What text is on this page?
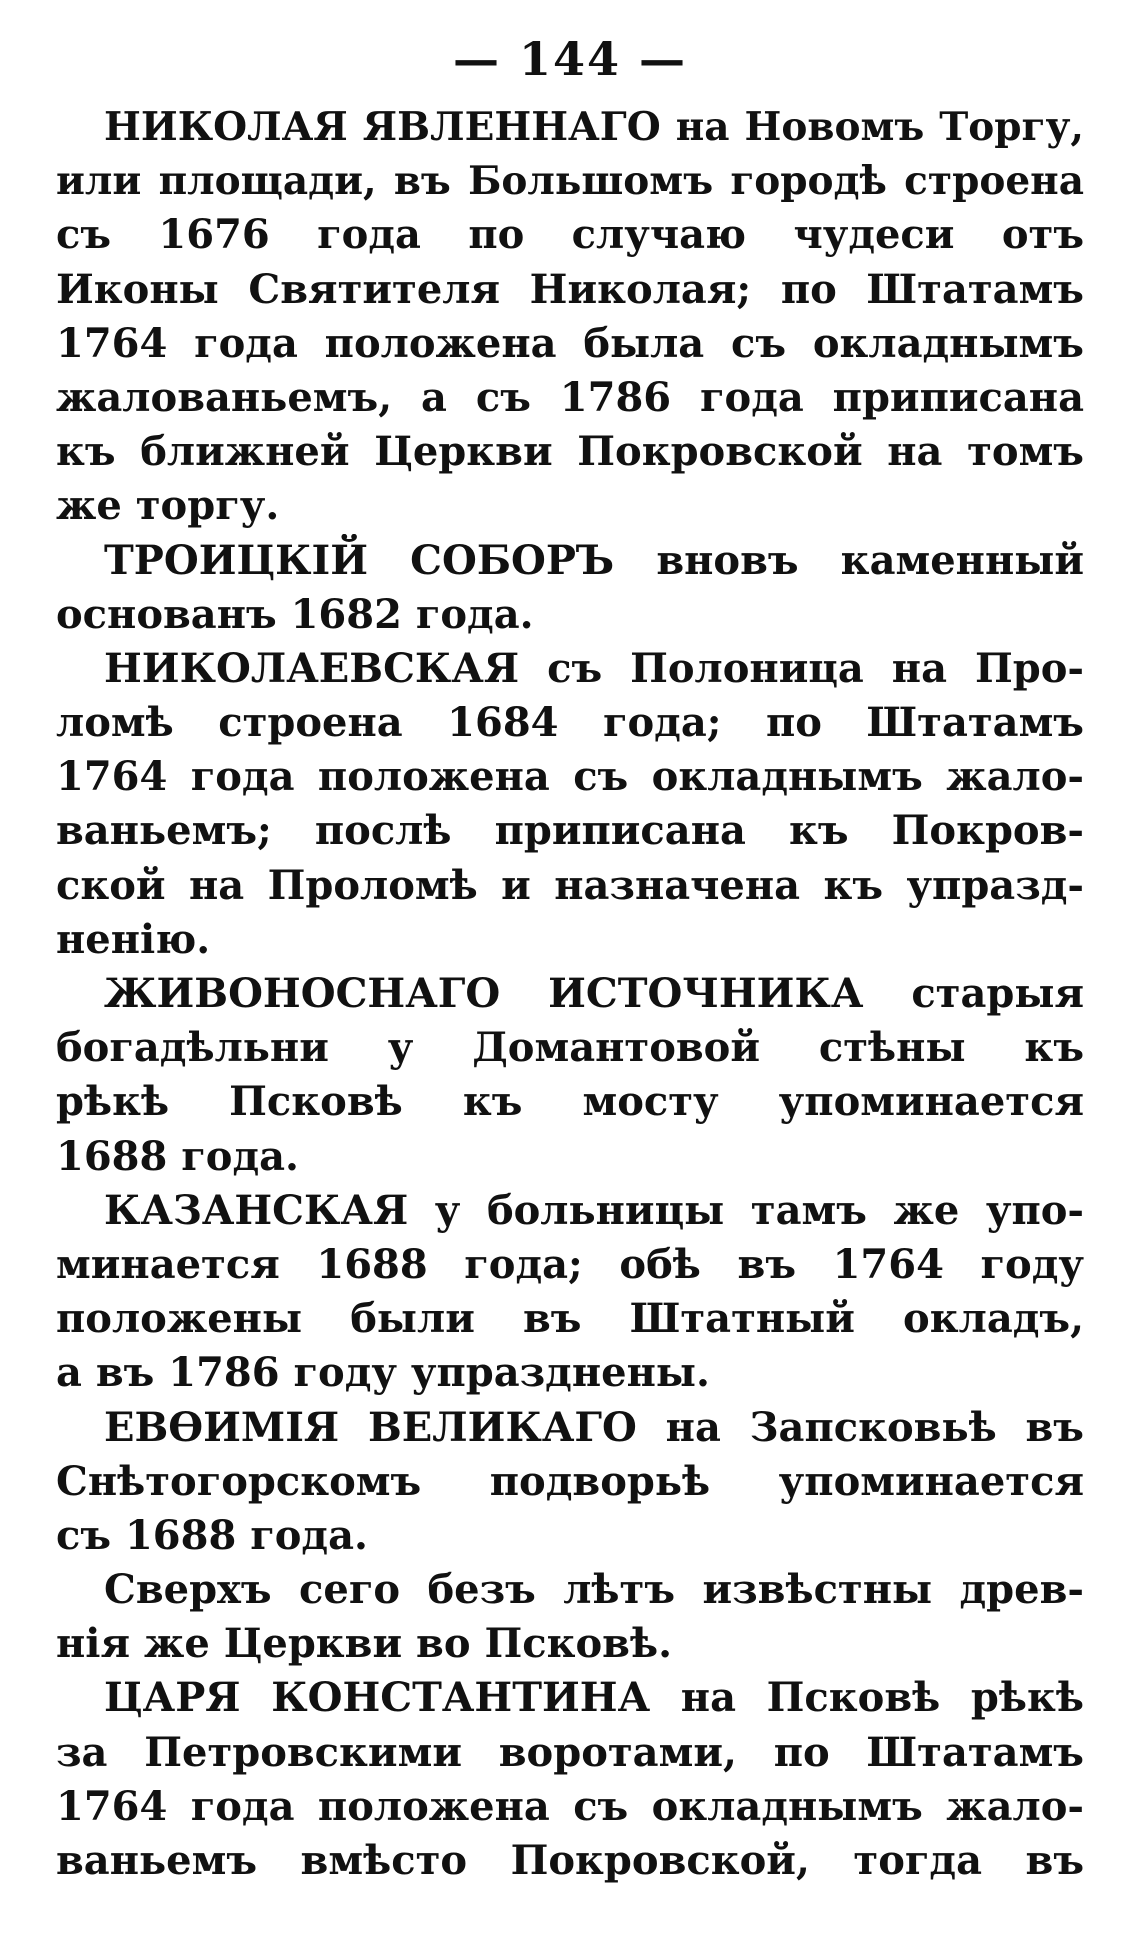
— 144 —
НИКОЛАЯ ЯВЛЕННАГО на Новомъ Торгу,
или площади, въ Большомъ городѣ строена
съ 1676 года по случаю чудеси отъ
Иконы Святителя Николая; по Штатамъ
1764 года положена была съ окладнымъ
жалованьемъ, а съ 1786 года приписана
къ ближней Церкви Покровской на томъ
же торгу.
ТРОИЦКІЙ СОБОРЪ вновъ каменный
основанъ 1682 года.
НИКОЛАЕВСКАЯ съ Полоница на Про-
ломѣ строена 1684 года; по Штатамъ
1764 года положена съ окладнымъ жало-
ваньемъ; послѣ приписана къ Покров-
ской на Проломѣ и назначена къ упразд-
ненію.
ЖИВОНОСНАГО ИСТОЧНИКА старыя
богадѣльни у Домантовой стѣны къ
рѣкѣ Псковѣ къ мосту упоминается
1688 года.
КАЗАНСКАЯ у больницы тамъ же упо-
минается 1688 года; обѣ въ 1764 году
положены были въ Штатный окладъ,
а въ 1786 году упразднены.
ЕВѲИМІЯ ВЕЛИКАГО на Запсковьѣ въ
Снѣтогорскомъ подворьѣ упоминается
съ 1688 года.
Сверхъ сего безъ лѣтъ извѣстны древ-
нія же Церкви во Псковѣ.
ЦАРЯ КОНСТАНТИНА на Псковѣ рѣкѣ
за Петровскими воротами, по Штатамъ
1764 года положена съ окладнымъ жало-
ваньемъ вмѣсто Покровской, тогда въ
